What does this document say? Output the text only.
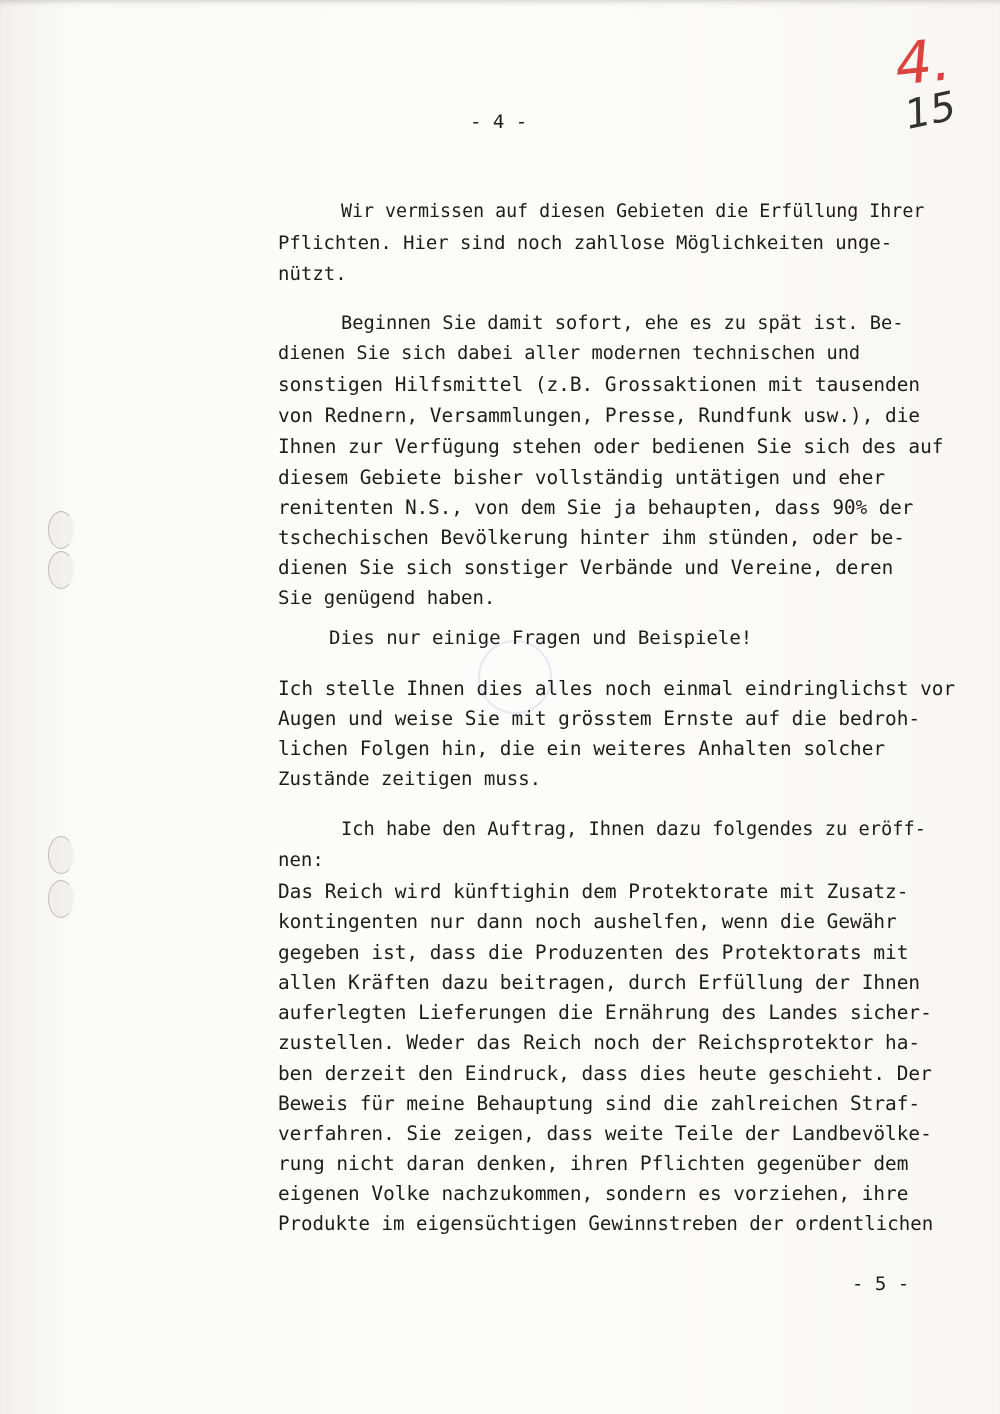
4.
15
- 4 -
Wir vermissen auf diesen Gebieten die Erfüllung Ihrer
Pflichten. Hier sind noch zahllose Möglichkeiten unge-
nützt.
Beginnen Sie damit sofort, ehe es zu spät ist. Be-
dienen Sie sich dabei aller modernen technischen und
sonstigen Hilfsmittel (z.B. Grossaktionen mit tausenden
von Rednern, Versammlungen, Presse, Rundfunk usw.), die
Ihnen zur Verfügung stehen oder bedienen Sie sich des auf
diesem Gebiete bisher vollständig untätigen und eher
renitenten N.S., von dem Sie ja behaupten, dass 90% der
tschechischen Bevölkerung hinter ihm stünden, oder be-
dienen Sie sich sonstiger Verbände und Vereine, deren
Sie genügend haben.
Dies nur einige Fragen und Beispiele!
Ich stelle Ihnen dies alles noch einmal eindringlichst vor
Augen und weise Sie mit grösstem Ernste auf die bedroh-
lichen Folgen hin, die ein weiteres Anhalten solcher
Zustände zeitigen muss.
Ich habe den Auftrag, Ihnen dazu folgendes zu eröff-
nen:
Das Reich wird künftighin dem Protektorate mit Zusatz-
kontingenten nur dann noch aushelfen, wenn die Gewähr
gegeben ist, dass die Produzenten des Protektorats mit
allen Kräften dazu beitragen, durch Erfüllung der Ihnen
auferlegten Lieferungen die Ernährung des Landes sicher-
zustellen. Weder das Reich noch der Reichsprotektor ha-
ben derzeit den Eindruck, dass dies heute geschieht. Der
Beweis für meine Behauptung sind die zahlreichen Straf-
verfahren. Sie zeigen, dass weite Teile der Landbevölke-
rung nicht daran denken, ihren Pflichten gegenüber dem
eigenen Volke nachzukommen, sondern es vorziehen, ihre
Produkte im eigensüchtigen Gewinnstreben der ordentlichen
- 5 -
